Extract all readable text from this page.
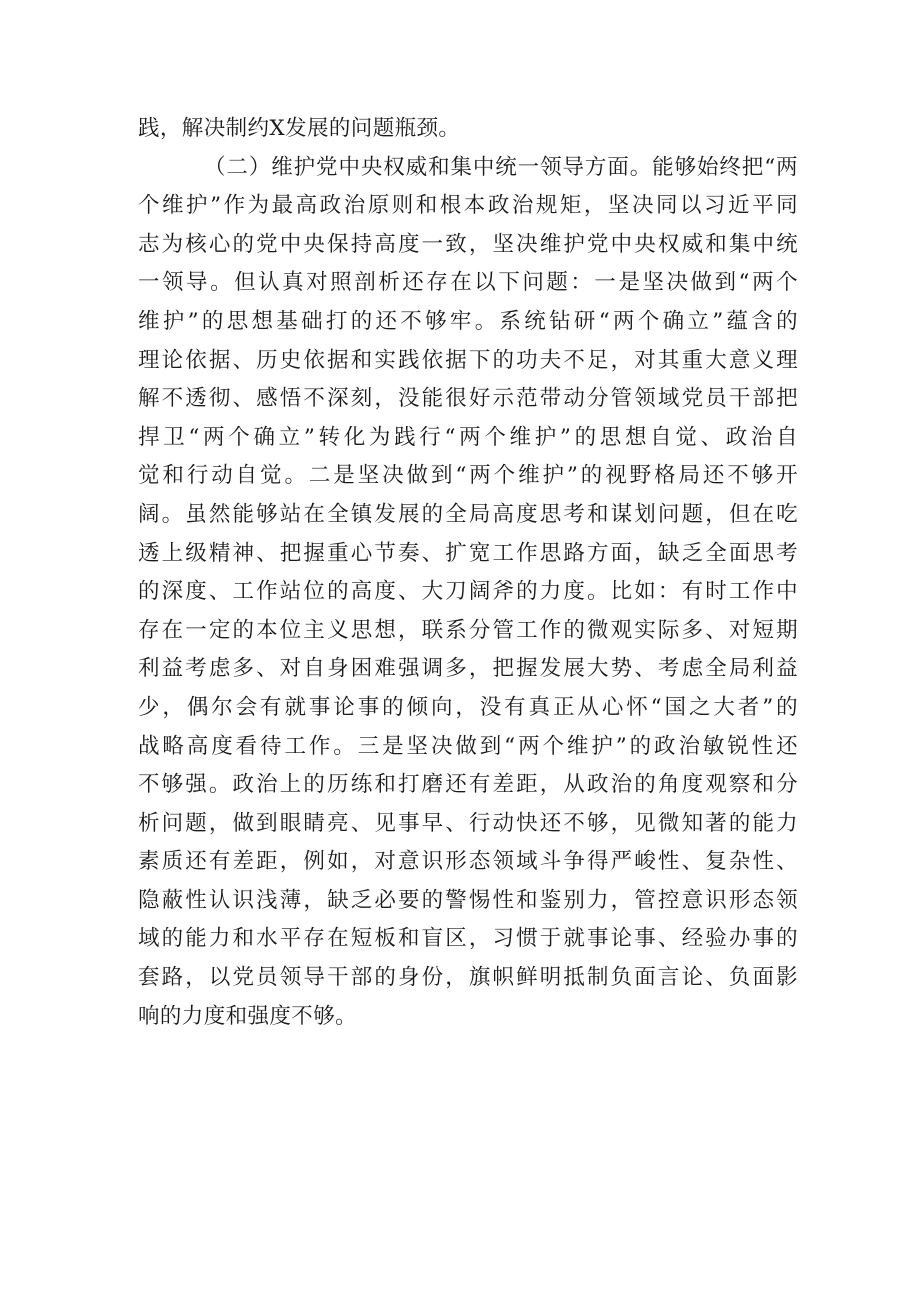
践，解决制约X发展的问题瓶颈。
（二）维护党中央权威和集中统一领导方面。能够始终把“两
个维护”作为最高政治原则和根本政治规矩，坚决同以习近平同
志为核心的党中央保持高度一致，坚决维护党中央权威和集中统
一领导。但认真对照剖析还存在以下问题：一是坚决做到“两个
维护”的思想基础打的还不够牢。系统钻研“两个确立”蕴含的
理论依据、历史依据和实践依据下的功夫不足，对其重大意义理
解不透彻、感悟不深刻，没能很好示范带动分管领域党员干部把
捍卫“两个确立”转化为践行“两个维护”的思想自觉、政治自
觉和行动自觉。二是坚决做到“两个维护”的视野格局还不够开
阔。虽然能够站在全镇发展的全局高度思考和谋划问题，但在吃
透上级精神、把握重心节奏、扩宽工作思路方面，缺乏全面思考
的深度、工作站位的高度、大刀阔斧的力度。比如：有时工作中
存在一定的本位主义思想，联系分管工作的微观实际多、对短期
利益考虑多、对自身困难强调多，把握发展大势、考虑全局利益
少，偶尔会有就事论事的倾向，没有真正从心怀“国之大者”的
战略高度看待工作。三是坚决做到“两个维护”的政治敏锐性还
不够强。政治上的历练和打磨还有差距，从政治的角度观察和分
析问题，做到眼睛亮、见事早、行动快还不够，见微知著的能力
素质还有差距，例如，对意识形态领域斗争得严峻性、复杂性、
隐蔽性认识浅薄，缺乏必要的警惕性和鉴别力，管控意识形态领
域的能力和水平存在短板和盲区，习惯于就事论事、经验办事的
套路，以党员领导干部的身份，旗帜鲜明抵制负面言论、负面影
响的力度和强度不够。
